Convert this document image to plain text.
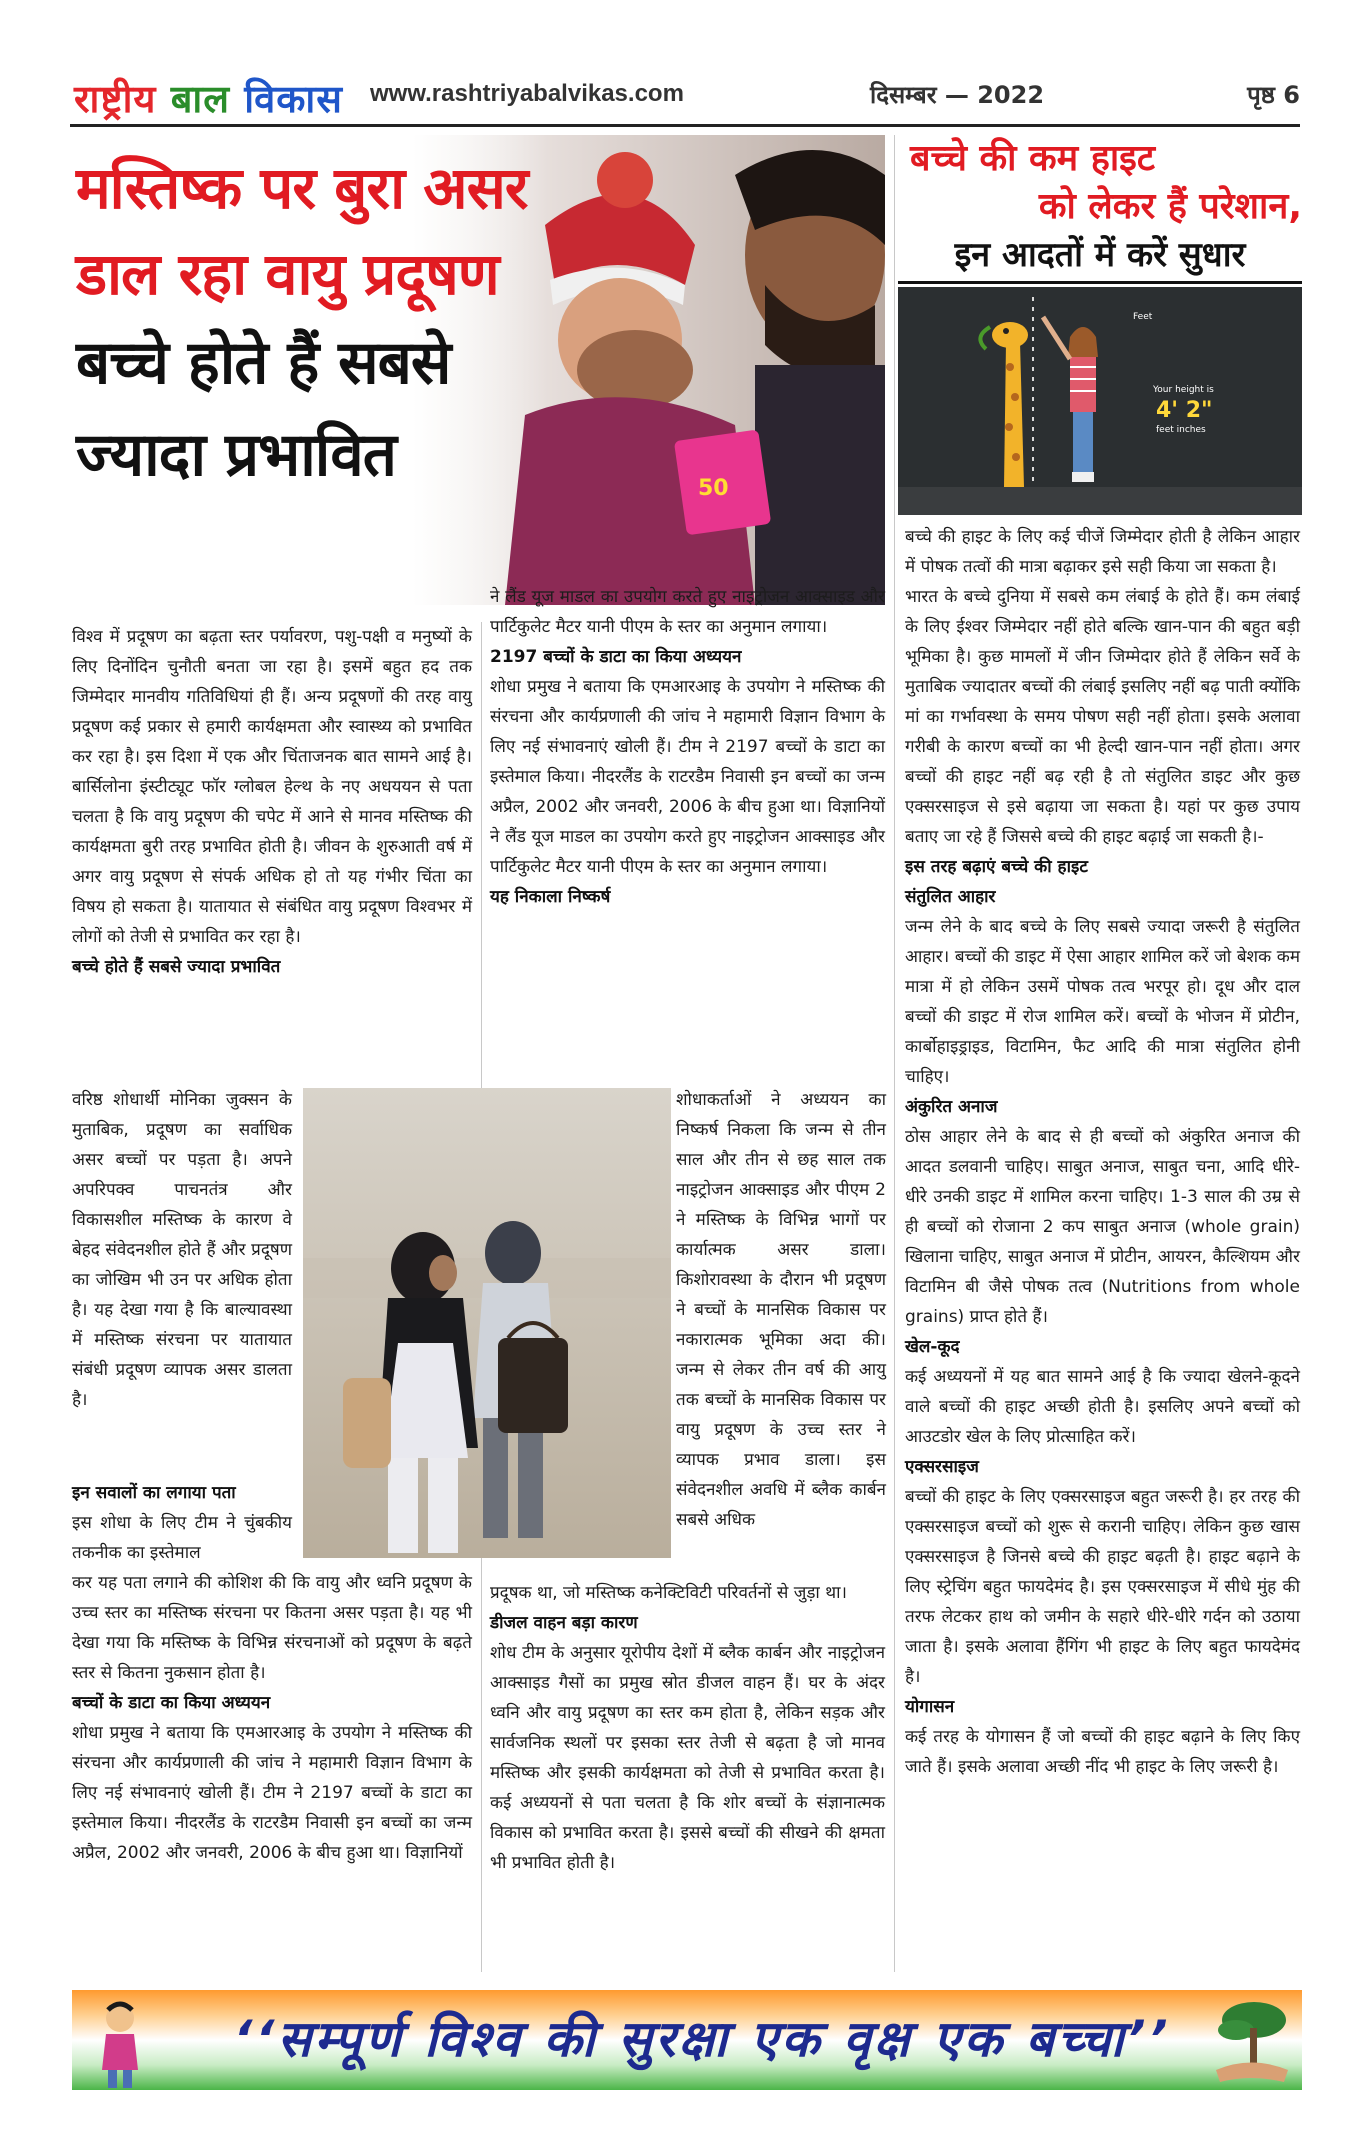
राष्ट्रीय बाल विकास www.rashtriyabalvikas.com	दिसम्बर — 2022	पृष्ठ 6
50
मस्तिष्क पर बुरा असर
डाल रहा वायु प्रदूषण
बच्चे होते हैं सबसे
ज्यादा प्रभावित
बच्चे की कम हाइट
को लेकर हैं परेशान,
इन आदतों में करें सुधार
Feet
Your height is
4' 2"
feet inches

विश्व में प्रदूषण का बढ़ता स्तर पर्यावरण, पशु-पक्षी व मनुष्यों के लिए दिनोंदिन चुनौती बनता जा रहा है। इसमें बहुत हद तक जिम्मेदार मानवीय गतिविधियां ही हैं। अन्य प्रदूषणों की तरह वायु प्रदूषण कई प्रकार से हमारी कार्यक्षमता और स्वास्थ्य को प्रभावित कर रहा है। इस दिशा में एक और चिंताजनक बात सामने आई है। बार्सिलोना इंस्टीट्यूट फॉर ग्लोबल हेल्थ के नए अधययन से पता चलता है कि वायु प्रदूषण की चपेट में आने से मानव मस्तिष्क की कार्यक्षमता बुरी तरह प्रभावित होती है। जीवन के शुरुआती वर्ष में अगर वायु प्रदूषण से संपर्क अधिक हो तो यह गंभीर चिंता का विषय हो सकता है। यातायात से संबंधित वायु प्रदूषण विश्वभर में लोगों को तेजी से प्रभावित कर रहा है।

बच्चे होते हैं सबसे ज्यादा प्रभावित

वरिष्ठ शोधार्थी मोनिका जुक्सन के मुताबिक, प्रदूषण का सर्वाधिक असर बच्चों पर पड़ता है। अपने अपरिपक्व पाचनतंत्र और विकासशील मस्तिष्क के कारण वे बेहद संवेदनशील होते हैं और प्रदूषण का जोखिम भी उन पर अधिक होता है। यह देखा गया है कि बाल्यावस्था में मस्तिष्क संरचना पर यातायात संबंधी प्रदूषण व्यापक असर डालता है।

इन सवालों का लगाया पता

इस शोधा के लिए टीम ने चुंबकीय तकनीक का इस्तेमाल

कर यह पता लगाने की कोशिश की कि वायु और ध्वनि प्रदूषण के उच्च स्तर का मस्तिष्क संरचना पर कितना असर पड़ता है। यह भी देखा गया कि मस्तिष्क के विभिन्न संरचनाओं को प्रदूषण के बढ़ते स्तर से कितना नुकसान होता है।

बच्चों के डाटा का किया अध्ययन

शोधा प्रमुख ने बताया कि एमआरआइ के उपयोग ने मस्तिष्क की संरचना और कार्यप्रणाली की जांच ने महामारी विज्ञान विभाग के लिए नई संभावनाएं खोली हैं। टीम ने 2197 बच्चों के डाटा का इस्तेमाल किया। नीदरलैंड के राटरडैम निवासी इन बच्चों का जन्म अप्रैल, 2002 और जनवरी, 2006 के बीच हुआ था। विज्ञानियों

ने लैंड यूज माडल का उपयोग करते हुए नाइट्रोजन आक्साइड और पार्टिकुलेट मैटर यानी पीएम के स्तर का अनुमान लगाया।

2197 बच्चों के डाटा का किया अध्ययन

शोधा प्रमुख ने बताया कि एमआरआइ के उपयोग ने मस्तिष्क की संरचना और कार्यप्रणाली की जांच ने महामारी विज्ञान विभाग के लिए नई संभावनाएं खोली हैं। टीम ने 2197 बच्चों के डाटा का इस्तेमाल किया। नीदरलैंड के राटरडैम निवासी इन बच्चों का जन्म अप्रैल, 2002 और जनवरी, 2006 के बीच हुआ था। विज्ञानियों ने लैंड यूज माडल का उपयोग करते हुए नाइट्रोजन आक्साइड और पार्टिकुलेट मैटर यानी पीएम के स्तर का अनुमान लगाया।

यह निकाला निष्कर्ष

शोधाकर्ताओं ने अध्ययन का निष्कर्ष निकला कि जन्म से तीन साल और तीन से छह साल तक नाइट्रोजन आक्साइड और पीएम 2 ने मस्तिष्क के विभिन्न भागों पर कार्यात्मक असर डाला। किशोरावस्था के दौरान भी प्रदूषण ने बच्चों के मानसिक विकास पर नकारात्मक भूमिका अदा की। जन्म से लेकर तीन वर्ष की आयु तक बच्चों के मानसिक विकास पर वायु प्रदूषण के उच्च स्तर ने व्यापक प्रभाव डाला। इस संवेदनशील अवधि में ब्लैक कार्बन सबसे अधिक

प्रदूषक था, जो मस्तिष्क कनेक्टिविटी परिवर्तनों से जुड़ा था।

डीजल वाहन बड़ा कारण

शोध टीम के अनुसार यूरोपीय देशों में ब्लैक कार्बन और नाइट्रोजन आक्साइड गैसों का प्रमुख स्रोत डीजल वाहन हैं। घर के अंदर ध्वनि और वायु प्रदूषण का स्तर कम होता है, लेकिन सड़क और सार्वजनिक स्थलों पर इसका स्तर तेजी से बढ़ता है जो मानव मस्तिष्क और इसकी कार्यक्षमता को तेजी से प्रभावित करता है। कई अध्ययनों से पता चलता है कि शोर बच्चों के संज्ञानात्मक विकास को प्रभावित करता है। इससे बच्चों की सीखने की क्षमता भी प्रभावित होती है।

बच्चे की हाइट के लिए कई चीजें जिम्मेदार होती है लेकिन आहार में पोषक तत्वों की मात्रा बढ़ाकर इसे सही किया जा सकता है।

भारत के बच्चे दुनिया में सबसे कम लंबाई के होते हैं। कम लंबाई के लिए ईश्वर जिम्मेदार नहीं होते बल्कि खान-पान की बहुत बड़ी भूमिका है। कुछ मामलों में जीन जिम्मेदार होते हैं लेकिन सर्वे के मुताबिक ज्यादातर बच्चों की लंबाई इसलिए नहीं बढ़ पाती क्योंकि मां का गर्भावस्था के समय पोषण सही नहीं होता। इसके अलावा गरीबी के कारण बच्चों का भी हेल्दी खान-पान नहीं होता। अगर बच्चों की हाइट नहीं बढ़ रही है तो संतुलित डाइट और कुछ एक्सरसाइज से इसे बढ़ाया जा सकता है। यहां पर कुछ उपाय बताए जा रहे हैं जिससे बच्चे की हाइट बढ़ाई जा सकती है।-

इस तरह बढ़ाएं बच्चे की हाइट
संतुलित आहार

जन्म लेने के बाद बच्चे के लिए सबसे ज्यादा जरूरी है संतुलित आहार। बच्चों की डाइट में ऐसा आहार शामिल करें जो बेशक कम मात्रा में हो लेकिन उसमें पोषक तत्व भरपूर हो। दूध और दाल बच्चों की डाइट में रोज शामिल करें। बच्चों के भोजन में प्रोटीन, कार्बोहाइड्राइड, विटामिन, फैट आदि की मात्रा संतुलित होनी चाहिए।

अंकुरित अनाज

ठोस आहार लेने के बाद से ही बच्चों को अंकुरित अनाज की आदत डलवानी चाहिए। साबुत अनाज, साबुत चना, आदि धीरे-धीरे उनकी डाइट में शामिल करना चाहिए। 1-3 साल की उम्र से ही बच्चों को रोजाना 2 कप साबुत अनाज (whole grain) खिलाना चाहिए, साबुत अनाज में प्रोटीन, आयरन, कैल्शियम और विटामिन बी जैसे पोषक तत्व (Nutritions from whole grains) प्राप्त होते हैं।

खेल-कूद

कई अध्ययनों में यह बात सामने आई है कि ज्यादा खेलने-कूदने वाले बच्चों की हाइट अच्छी होती है। इसलिए अपने बच्चों को आउटडोर खेल के लिए प्रोत्साहित करें।

एक्सरसाइज

बच्चों की हाइट के लिए एक्सरसाइज बहुत जरूरी है। हर तरह की एक्सरसाइज बच्चों को शुरू से करानी चाहिए। लेकिन कुछ खास एक्सरसाइज है जिनसे बच्चे की हाइट बढ़ती है। हाइट बढ़ाने के लिए स्ट्रेचिंग बहुत फायदेमंद है। इस एक्सरसाइज में सीधे मुंह की तरफ लेटकर हाथ को जमीन के सहारे धीरे-धीरे गर्दन को उठाया जाता है। इसके अलावा हैंगिंग भी हाइट के लिए बहुत फायदेमंद है।

योगासन

कई तरह के योगासन हैं जो बच्चों की हाइट बढ़ाने के लिए किए जाते हैं। इसके अलावा अच्छी नींद भी हाइट के लिए जरूरी है।

‘‘सम्पूर्ण विश्व की सुरक्षा एक वृक्ष एक बच्चा’’
